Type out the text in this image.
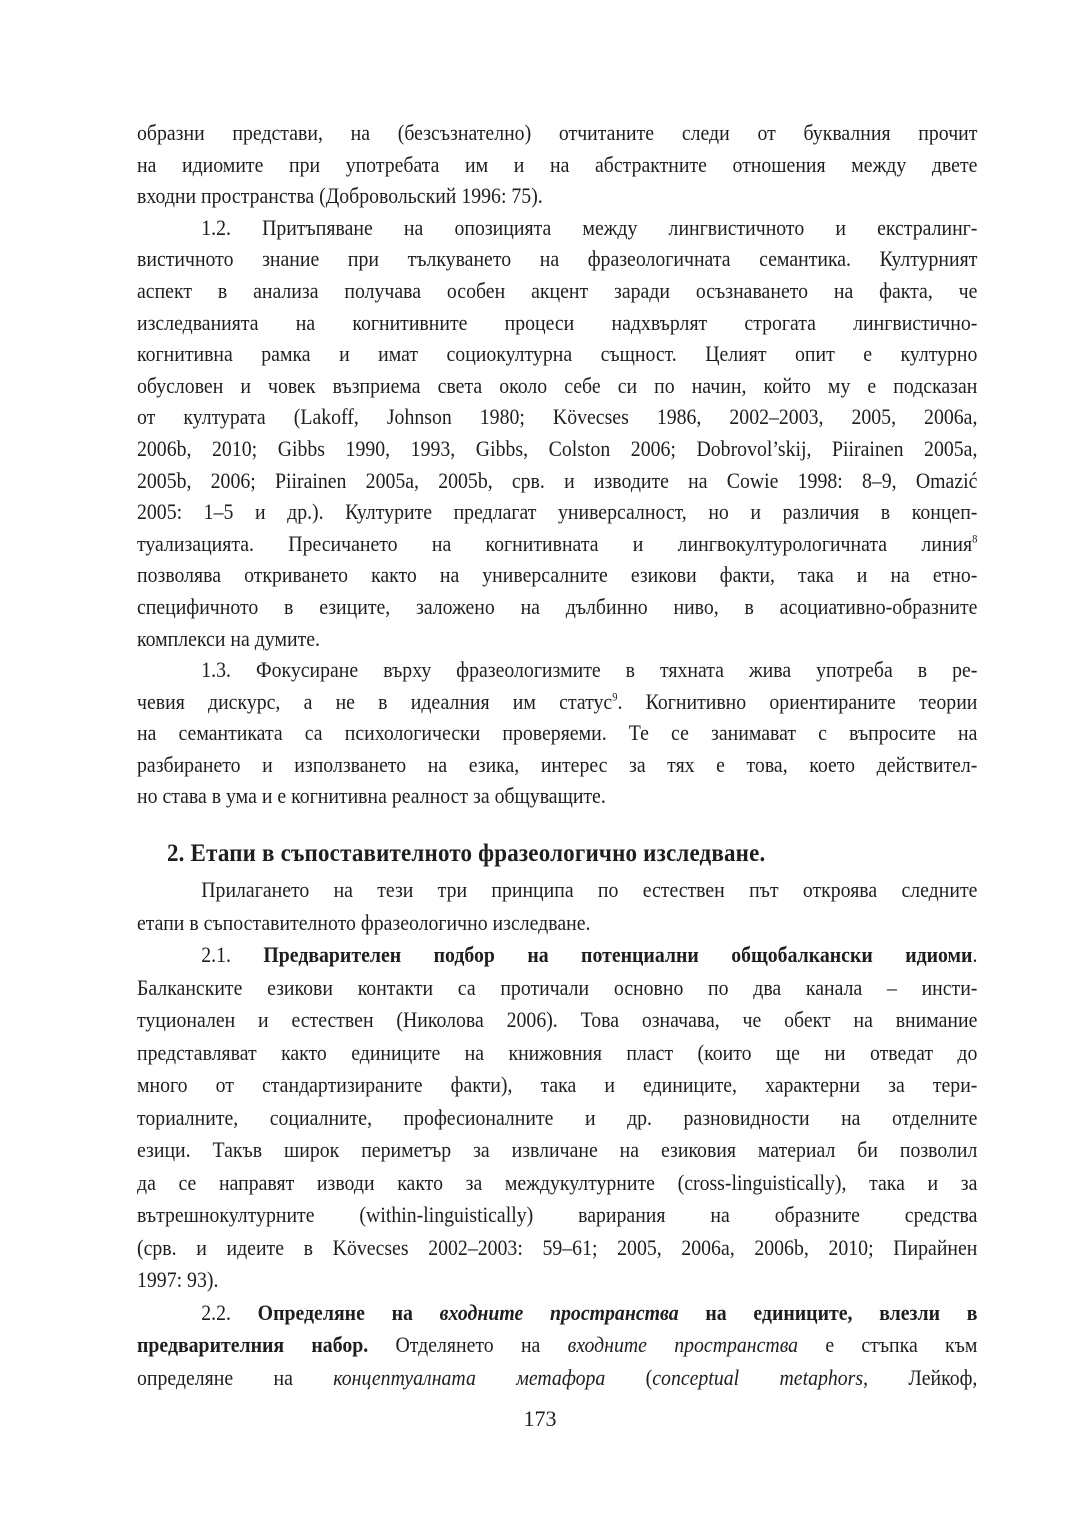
образни представи, на (безсъзнателно) отчитаните следи от буквалния прочит
на идиомите при употребата им и на абстрактните отношения между двете
входни пространства (Добровольский 1996: 75).
1.2. Притъпяване на опозицията между лингвистичното и екстралинг-
вистичното знание при тълкуването на фразеологичната семантика. Културният
аспект в анализа получава особен акцент заради осъзнаването на факта, че
изследванията на когнитивните процеси надхвърлят строгата лингвистично-
когнитивна рамка и имат социокултурна същност. Целият опит е културно
обусловен и човек възприема света около себе си по начин, който му е подсказан
от културата (Lakoff, Johnson 1980; Kövecses 1986, 2002–2003, 2005, 2006a,
2006b, 2010; Gibbs 1990, 1993, Gibbs, Colston 2006; Dobrovol’skij, Piirainen 2005a,
2005b, 2006; Piirainen 2005a, 2005b, срв. и изводите на Cowie 1998: 8–9, Omazić
2005: 1–5 и др.). Културите предлагат универсалност, но и различия в концеп-
туализацията. Пресичането на когнитивната и лингвокултурологичната линия$^8$
позволява откриването както на универсалните езикови факти, така и на етно-
специфичното в езиците, заложено на дълбинно ниво, в асоциативно-образните
комплекси на думите.
1.3. Фокусиране върху фразеологизмите в тяхната жива употреба в ре-
чевия дискурс, а не в идеалния им статус$^9$. Когнитивно ориентираните теории
на семантиката са психологически проверяеми. Те се занимават с въпросите на
разбирането и използването на езика, интерес за тях е това, което действител-
но става в ума и е когнитивна реалност за общуващите.
2. Етапи в съпоставителното фразеологично изследване.
Прилагането на тези три принципа по естествен път откроява следните
етапи в съпоставителното фразеологично изследване.
2.1. Предварителен подбор на потенциални общобалкански идиоми.
Балканските езикови контакти са протичали основно по два канала – инсти-
туционален и естествен (Николова 2006). Това означава, че обект на внимание
представляват както единиците на книжовния пласт (които ще ни отведат до
много от стандартизираните факти), така и единиците, характерни за тери-
ториалните, социалните, професионалните и др. разновидности на отделните
езици. Такъв широк периметър за извличане на езиковия материал би позволил
да се направят изводи както за междукултурните (cross-linguistically), така и за
вътрешнокултурните (within-linguistically) варирания на образните средства
(срв. и идеите в Kövecses 2002–2003: 59–61; 2005, 2006a, 2006b, 2010; Пирайнен
1997: 93).
2.2. Определяне на входните пространства на единиците, влезли в
предварителния набор. Отделянето на входните пространства е стъпка към
определяне на концептуалната метафора (conceptual metaphors, Лейкоф,
173
